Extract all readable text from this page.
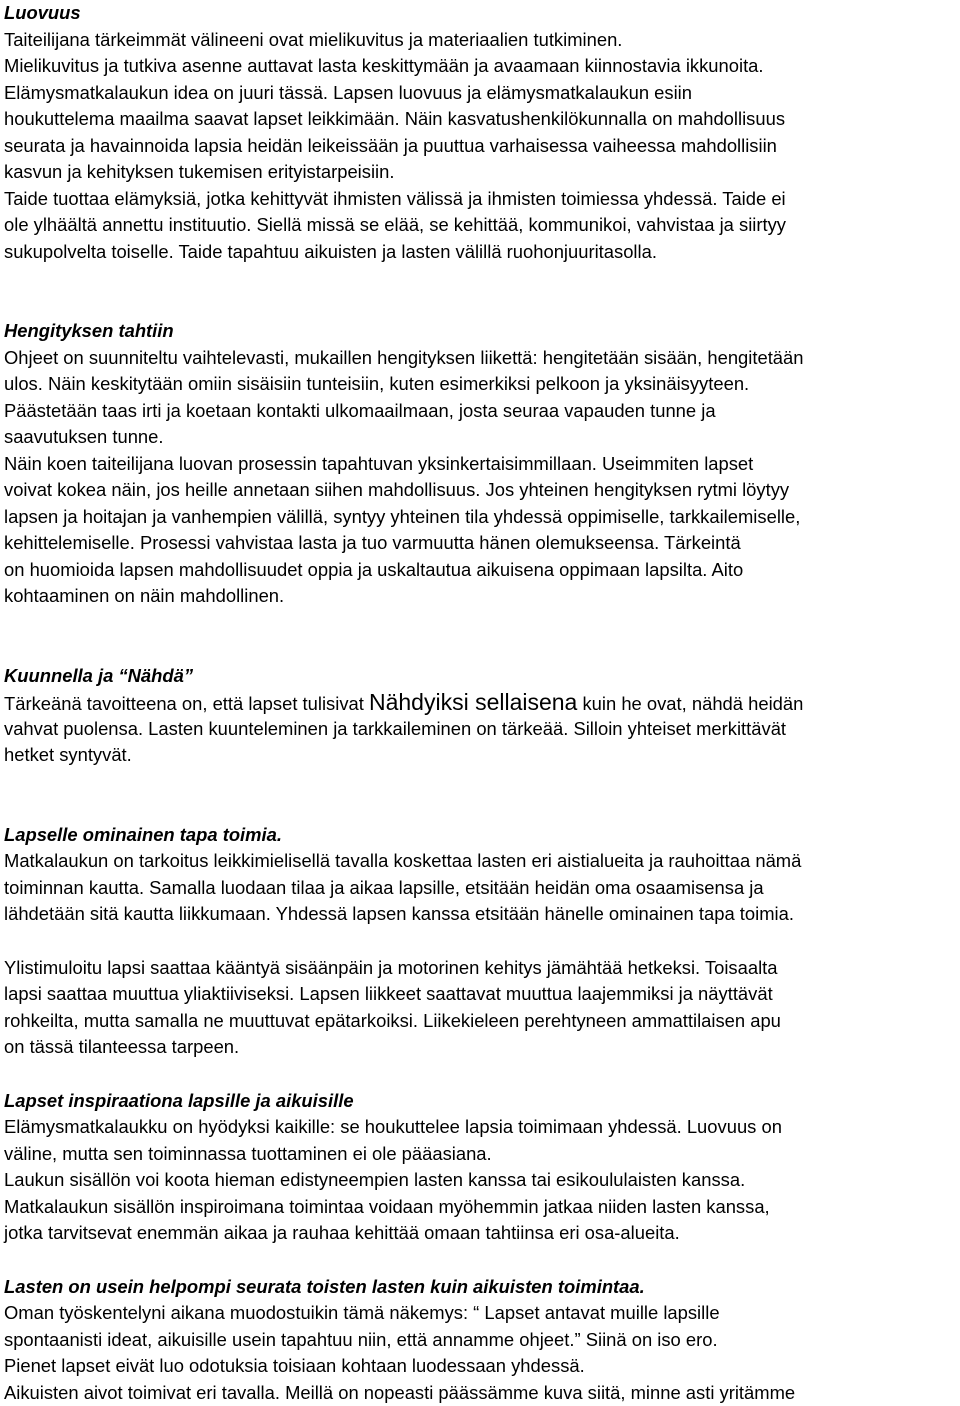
Luovuus
Taiteilijana tärkeimmät välineeni ovat mielikuvitus ja materiaalien tutkiminen.
Mielikuvitus ja tutkiva asenne auttavat lasta keskittymään ja avaamaan kiinnostavia ikkunoita.
Elämysmatkalaukun idea on juuri tässä. Lapsen luovuus ja elämysmatkalaukun esiin
houkuttelema maailma saavat lapset leikkimään. Näin kasvatushenkilökunnalla on mahdollisuus
seurata ja havainnoida lapsia heidän leikeissään ja puuttua varhaisessa vaiheessa mahdollisiin
kasvun ja kehityksen tukemisen erityistarpeisiin.
Taide tuottaa elämyksiä, jotka kehittyvät ihmisten välissä ja ihmisten toimiessa yhdessä. Taide ei
ole ylhäältä annettu instituutio. Siellä missä se elää, se kehittää, kommunikoi, vahvistaa ja siirtyy
sukupolvelta toiselle. Taide tapahtuu aikuisten ja lasten välillä ruohonjuuritasolla.
Hengityksen tahtiin
Ohjeet on suunniteltu vaihtelevasti, mukaillen hengityksen liikettä: hengitetään sisään, hengitetään
ulos. Näin keskitytään omiin sisäisiin tunteisiin, kuten esimerkiksi pelkoon ja yksinäisyyteen.
Päästetään taas irti ja koetaan kontakti ulkomaailmaan, josta seuraa vapauden tunne ja
saavutuksen tunne.
Näin koen taiteilijana luovan prosessin tapahtuvan yksinkertaisimmillaan. Useimmiten lapset
voivat kokea näin, jos heille annetaan siihen mahdollisuus. Jos yhteinen hengityksen rytmi löytyy
lapsen ja hoitajan ja vanhempien välillä, syntyy yhteinen tila yhdessä oppimiselle, tarkkailemiselle,
kehittelemiselle. Prosessi vahvistaa lasta ja tuo varmuutta hänen olemukseensa. Tärkeintä
on huomioida lapsen mahdollisuudet oppia ja uskaltautua aikuisena oppimaan lapsilta. Aito
kohtaaminen on näin mahdollinen.
Kuunnella ja “Nähdä”
Tärkeänä tavoitteena on, että lapset tulisivat Nähdyiksi sellaisena kuin he ovat, nähdä heidän
vahvat puolensa. Lasten kuunteleminen ja tarkkaileminen on tärkeää. Silloin yhteiset merkittävät
hetket syntyvät.
Lapselle ominainen tapa toimia.
Matkalaukun on tarkoitus leikkimielisellä tavalla koskettaa lasten eri aistialueita ja rauhoittaa nämä
toiminnan kautta. Samalla luodaan tilaa ja aikaa lapsille, etsitään heidän oma osaamisensa ja
lähdetään sitä kautta liikkumaan. Yhdessä lapsen kanssa etsitään hänelle ominainen tapa toimia.
Ylistimuloitu lapsi saattaa kääntyä sisäänpäin ja motorinen kehitys jämähtää hetkeksi. Toisaalta
lapsi saattaa muuttua yliaktiiviseksi. Lapsen liikkeet saattavat muuttua laajemmiksi ja näyttävät
rohkeilta, mutta samalla ne muuttuvat epätarkoiksi. Liikekieleen perehtyneen ammattilaisen apu
on tässä tilanteessa tarpeen.
Lapset inspiraationa lapsille ja aikuisille
Elämysmatkalaukku on hyödyksi kaikille: se houkuttelee lapsia toimimaan yhdessä. Luovuus on
väline, mutta sen toiminnassa tuottaminen ei ole pääasiana.
Laukun sisällön voi koota hieman edistyneempien lasten kanssa tai esikoululaisten kanssa.
Matkalaukun sisällön inspiroimana toimintaa voidaan myöhemmin jatkaa niiden lasten kanssa,
jotka tarvitsevat enemmän aikaa ja rauhaa kehittää omaan tahtiinsa eri osa-alueita.
Lasten on usein helpompi seurata toisten lasten kuin aikuisten toimintaa.
Oman työskentelyni aikana muodostuikin tämä näkemys: “ Lapset antavat muille lapsille
spontaanisti ideat, aikuisille usein tapahtuu niin, että annamme ohjeet.” Siinä on iso ero.
Pienet lapset eivät luo odotuksia toisiaan kohtaan luodessaan yhdessä.
Aikuisten aivot toimivat eri tavalla. Meillä on nopeasti päässämme kuva siitä, minne asti yritämme
